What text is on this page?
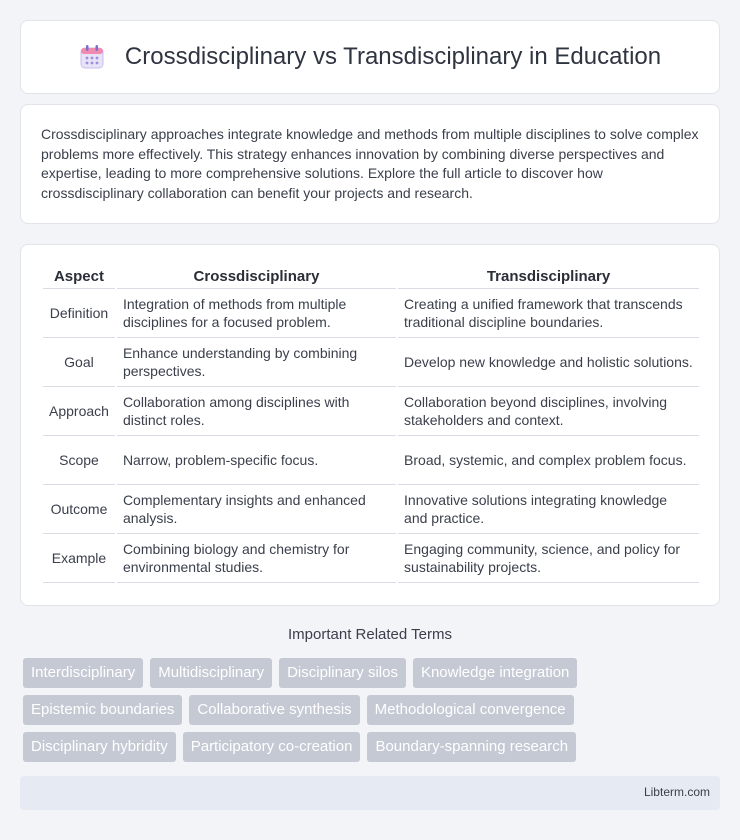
Crossdisciplinary vs Transdisciplinary in Education

Crossdisciplinary approaches integrate knowledge and methods from multiple disciplines to solve complex problems more effectively. This strategy enhances innovation by combining diverse perspectives and expertise, leading to more comprehensive solutions. Explore the full article to discover how crossdisciplinary collaboration can benefit your projects and research.

Aspect	Crossdisciplinary	Transdisciplinary
Definition	Integration of methods from multiple disciplines for a focused problem.	Creating a unified framework that transcends traditional discipline boundaries.
Goal	Enhance understanding by combining perspectives.	Develop new knowledge and holistic solutions.
Approach	Collaboration among disciplines with distinct roles.	Collaboration beyond disciplines, involving stakeholders and context.
Scope	Narrow, problem-specific focus.	Broad, systemic, and complex problem focus.
Outcome	Complementary insights and enhanced analysis.	Innovative solutions integrating knowledge and practice.
Example	Combining biology and chemistry for environmental studies.	Engaging community, science, and policy for sustainability projects.
Important Related Terms
Interdisciplinary	Multidisciplinary	Disciplinary silos	Knowledge integration
Epistemic boundaries	Collaborative synthesis	Methodological convergence
Disciplinary hybridity	Participatory co-creation	Boundary-spanning research
Libterm.com
